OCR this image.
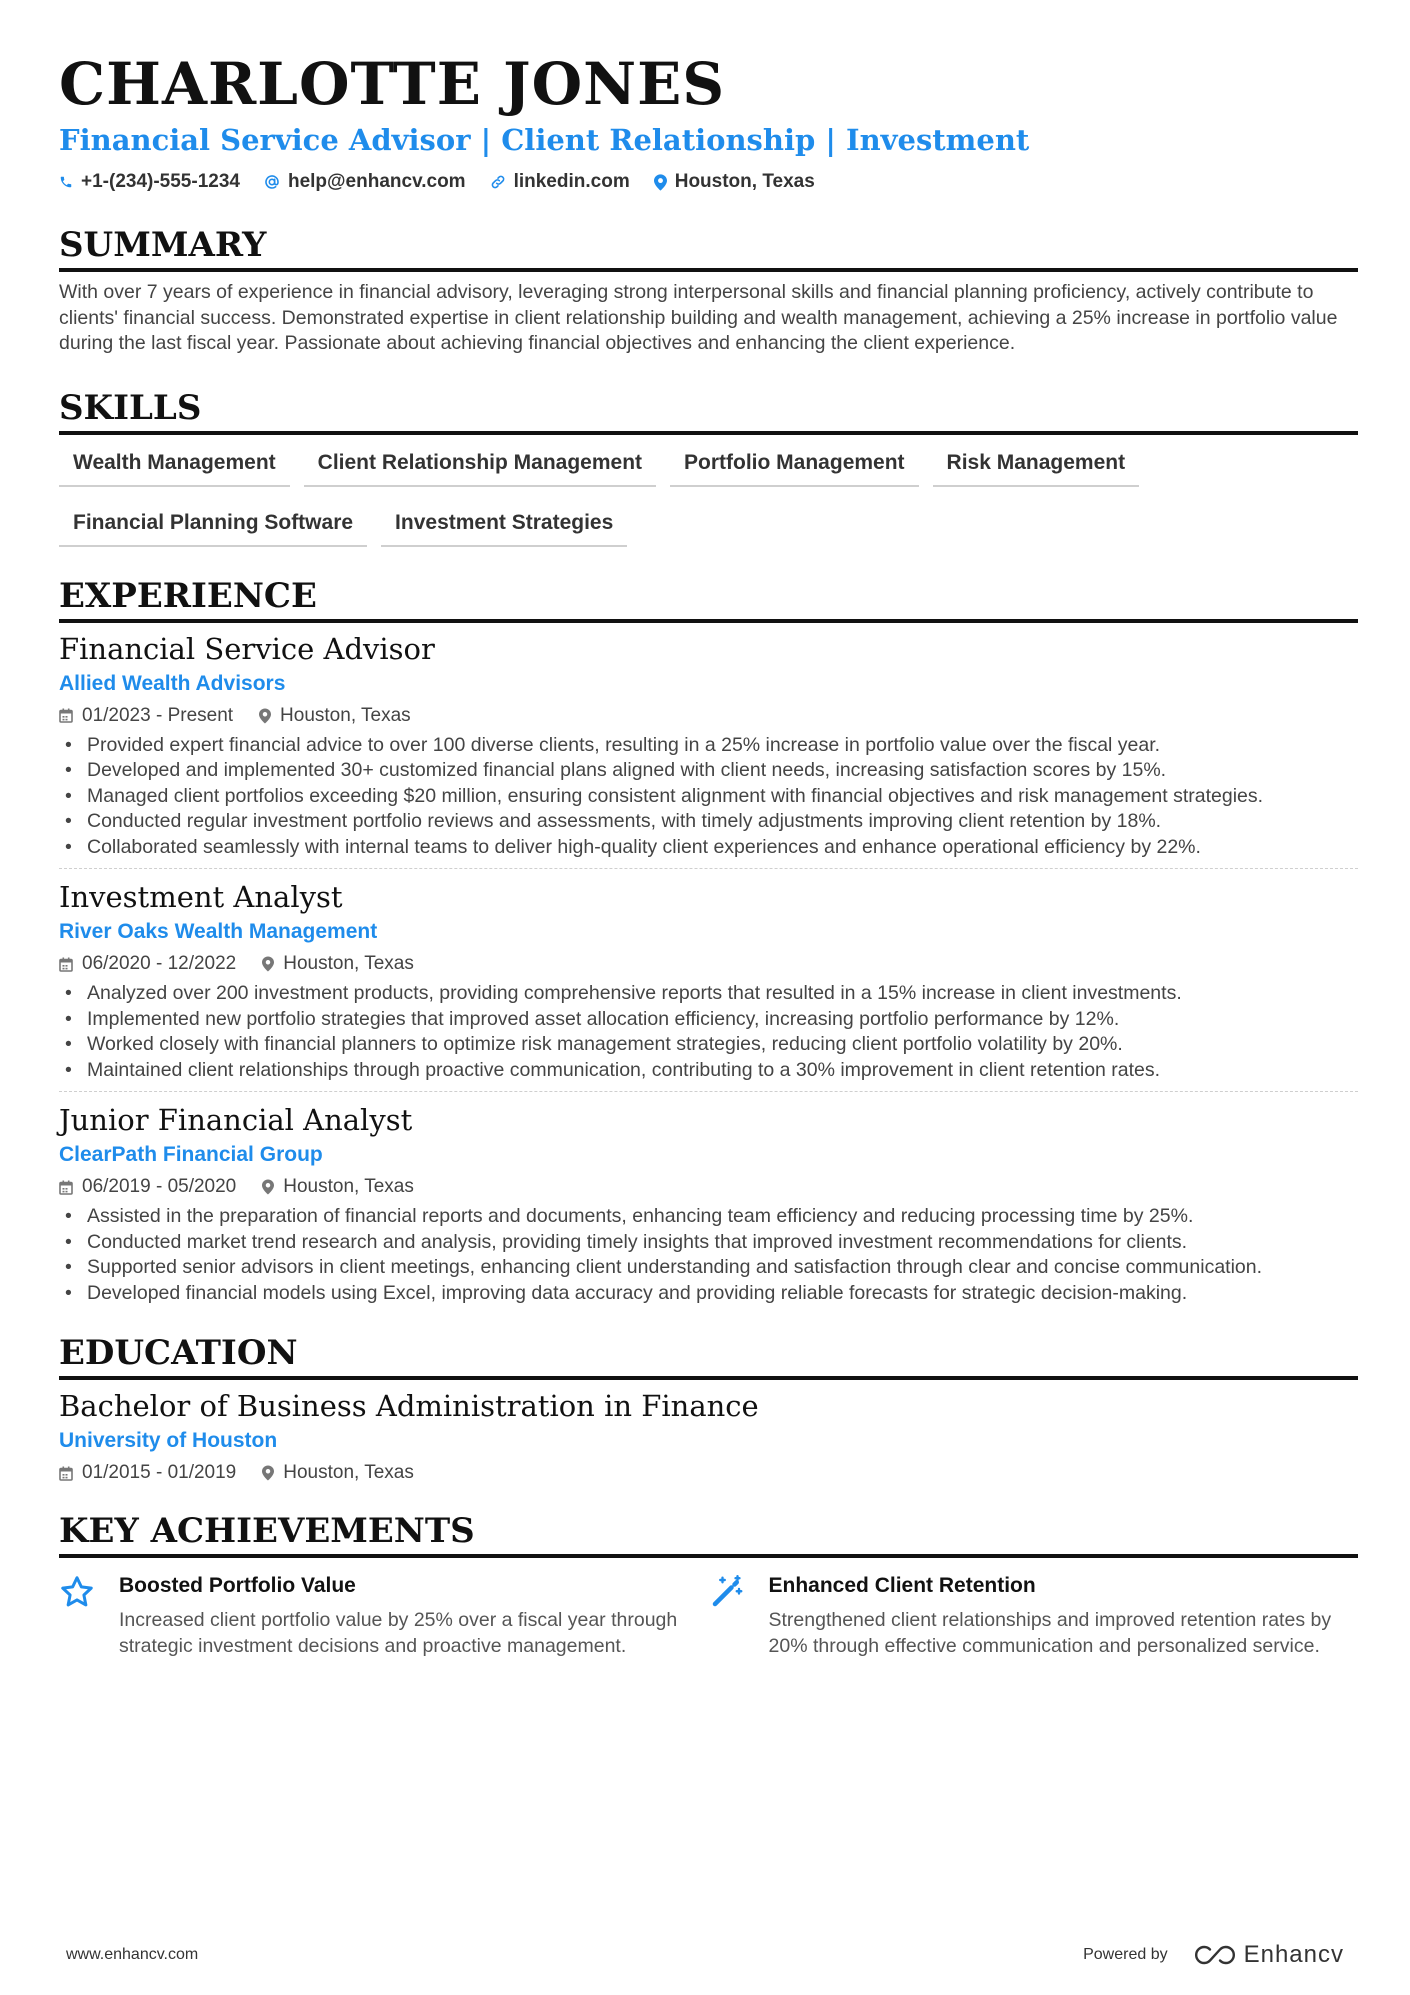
CHARLOTTE JONES
Financial Service Advisor | Client Relationship | Investment
+1-(234)-555-1234	help@enhancv.com	linkedin.com Houston, Texas
SUMMARY
With over 7 years of experience in financial advisory, leveraging strong interpersonal skills and financial planning proficiency, actively contribute to clients' financial success. Demonstrated expertise in client relationship building and wealth management, achieving a 25% increase in portfolio value during the last fiscal year. Passionate about achieving financial objectives and enhancing the client experience.
SKILLS
Wealth Management	Client Relationship Management	Portfolio Management	Risk Management
Financial Planning Software	Investment Strategies
EXPERIENCE
Financial Service Advisor
Allied Wealth Advisors
01/2023 - Present Houston, Texas
• Provided expert financial advice to over 100 diverse clients, resulting in a 25% increase in portfolio value over the fiscal year.
• Developed and implemented 30+ customized financial plans aligned with client needs, increasing satisfaction scores by 15%.
• Managed client portfolios exceeding $20 million, ensuring consistent alignment with financial objectives and risk management strategies.
• Conducted regular investment portfolio reviews and assessments, with timely adjustments improving client retention by 18%.
• Collaborated seamlessly with internal teams to deliver high-quality client experiences and enhance operational efficiency by 22%.
Investment Analyst
River Oaks Wealth Management
06/2020 - 12/2022 Houston, Texas
• Analyzed over 200 investment products, providing comprehensive reports that resulted in a 15% increase in client investments.
• Implemented new portfolio strategies that improved asset allocation efficiency, increasing portfolio performance by 12%.
• Worked closely with financial planners to optimize risk management strategies, reducing client portfolio volatility by 20%.
• Maintained client relationships through proactive communication, contributing to a 30% improvement in client retention rates.
Junior Financial Analyst
ClearPath Financial Group
06/2019 - 05/2020 Houston, Texas
• Assisted in the preparation of financial reports and documents, enhancing team efficiency and reducing processing time by 25%.
• Conducted market trend research and analysis, providing timely insights that improved investment recommendations for clients.
• Supported senior advisors in client meetings, enhancing client understanding and satisfaction through clear and concise communication.
• Developed financial models using Excel, improving data accuracy and providing reliable forecasts for strategic decision-making.
EDUCATION
Bachelor of Business Administration in Finance
University of Houston
01/2015 - 01/2019 Houston, Texas
KEY ACHIEVEMENTS
Boosted Portfolio Value
Increased client portfolio value by 25% over a fiscal year through strategic investment decisions and proactive management.
Enhanced Client Retention
Strengthened client relationships and improved retention rates by 20% through effective communication and personalized service.
www.enhancv.com	Powered by	Enhancv
